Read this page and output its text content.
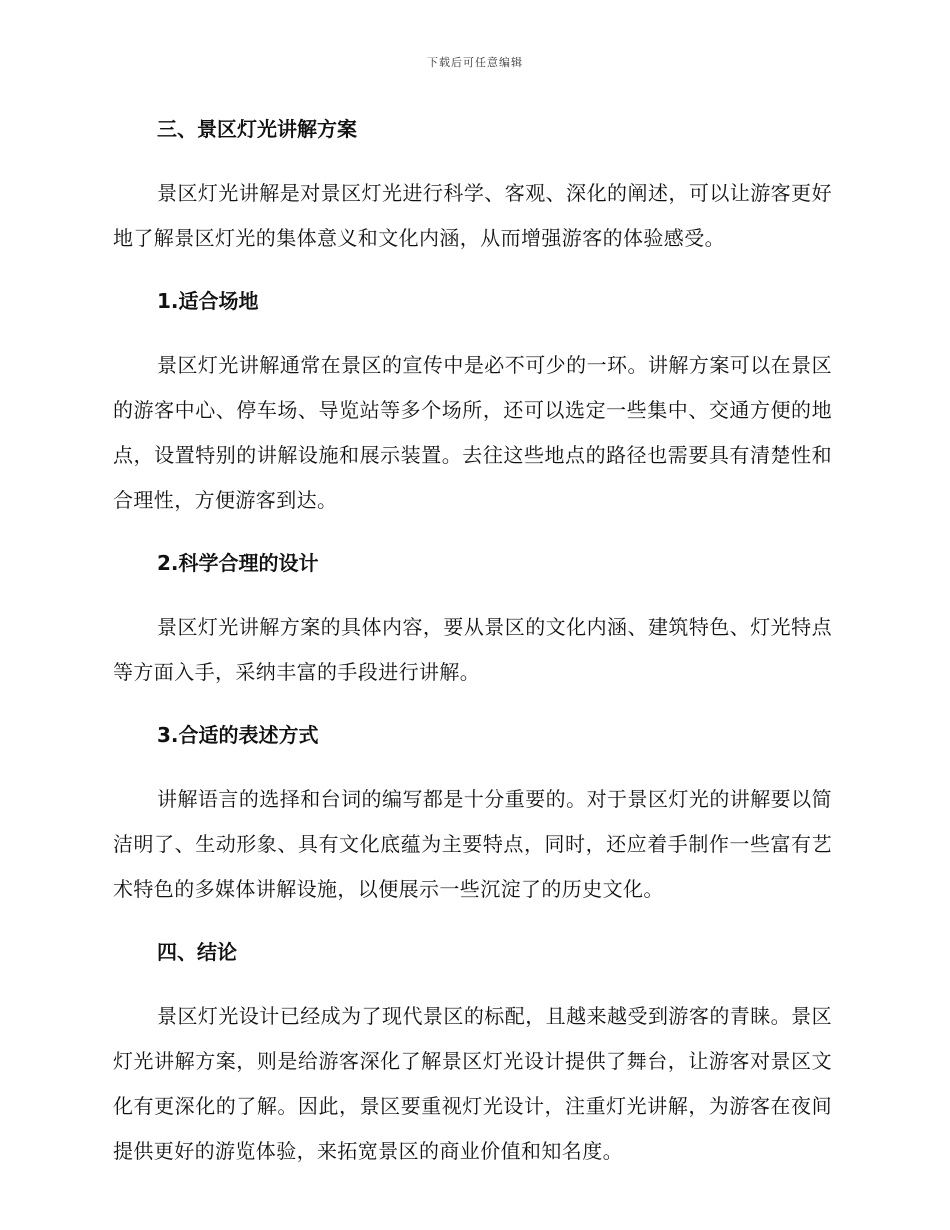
下载后可任意编辑
三、景区灯光讲解方案

景区灯光讲解是对景区灯光进行科学、客观、深化的阐述，可以让游客更好地了解景区灯光的集体意义和文化内涵，从而增强游客的体验感受。

1.适合场地

景区灯光讲解通常在景区的宣传中是必不可少的一环。讲解方案可以在景区的游客中心、停车场、导览站等多个场所，还可以选定一些集中、交通方便的地点，设置特别的讲解设施和展示装置。去往这些地点的路径也需要具有清楚性和合理性，方便游客到达。

2.科学合理的设计

景区灯光讲解方案的具体内容，要从景区的文化内涵、建筑特色、灯光特点等方面入手，采纳丰富的手段进行讲解。

3.合适的表述方式

讲解语言的选择和台词的编写都是十分重要的。对于景区灯光的讲解要以简洁明了、生动形象、具有文化底蕴为主要特点，同时，还应着手制作一些富有艺术特色的多媒体讲解设施，以便展示一些沉淀了的历史文化。

四、结论

景区灯光设计已经成为了现代景区的标配，且越来越受到游客的青睐。景区灯光讲解方案，则是给游客深化了解景区灯光设计提供了舞台，让游客对景区文化有更深化的了解。因此，景区要重视灯光设计，注重灯光讲解，为游客在夜间提供更好的游览体验，来拓宽景区的商业价值和知名度。
